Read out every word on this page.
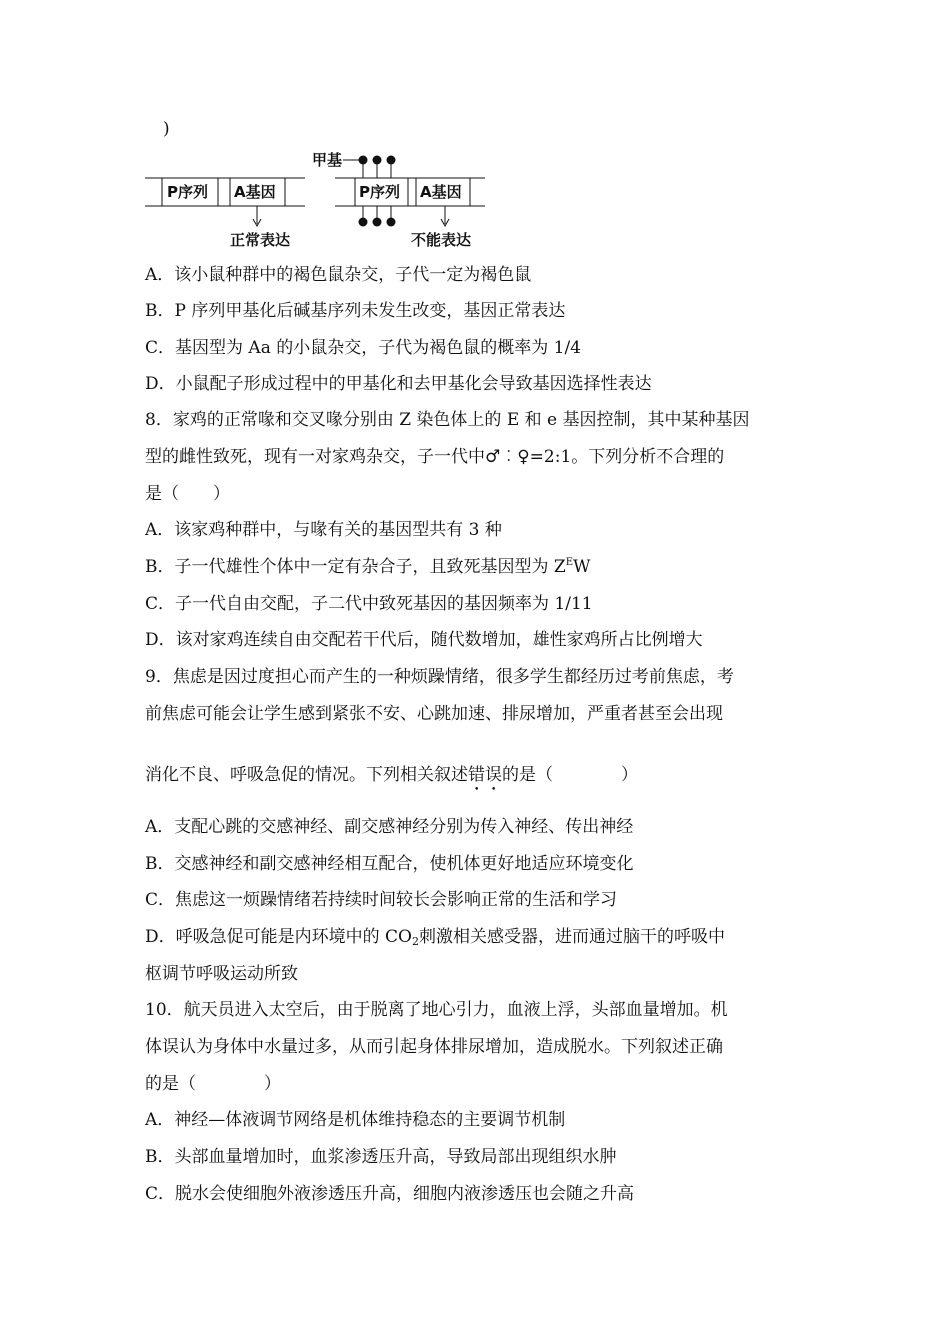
)
P序列 A基因
正常表达
甲基
P序列 A基因
不能表达
A．该小鼠种群中的褐色鼠杂交，子代一定为褐色鼠
B．P 序列甲基化后碱基序列未发生改变，基因正常表达
C．基因型为 Aa 的小鼠杂交，子代为褐色鼠的概率为 1/4
D．小鼠配子形成过程中的甲基化和去甲基化会导致基因选择性表达
8．家鸡的正常喙和交叉喙分别由 Z 染色体上的 E 和 e 基因控制，其中某种基因
型的雌性致死，现有一对家鸡杂交，子一代中♂︰♀=2:1。下列分析不合理的
是（　　）
A．该家鸡种群中，与喙有关的基因型共有 3 种
B．子一代雄性个体中一定有杂合子，且致死基因型为 $Z^EW$
C．子一代自由交配，子二代中致死基因的基因频率为 1/11
D．该对家鸡连续自由交配若干代后，随代数增加，雄性家鸡所占比例增大
9．焦虑是因过度担心而产生的一种烦躁情绪，很多学生都经历过考前焦虑，考
前焦虑可能会让学生感到紧张不安、心跳加速、排尿增加，严重者甚至会出现
消化不良、呼吸急促的情况。下列相关叙述错误的是（　　　　）
A．支配心跳的交感神经、副交感神经分别为传入神经、传出神经
B．交感神经和副交感神经相互配合，使机体更好地适应环境变化
C．焦虑这一烦躁情绪若持续时间较长会影响正常的生活和学习
D．呼吸急促可能是内环境中的 $CO_2$刺激相关感受器，进而通过脑干的呼吸中
枢调节呼吸运动所致
10．航天员进入太空后，由于脱离了地心引力，血液上浮，头部血量增加。机
体误认为身体中水量过多，从而引起身体排尿增加，造成脱水。下列叙述正确
的是（　　　　）
A．神经—体液调节网络是机体维持稳态的主要调节机制
B．头部血量增加时，血浆渗透压升高，导致局部出现组织水肿
C．脱水会使细胞外液渗透压升高，细胞内液渗透压也会随之升高
